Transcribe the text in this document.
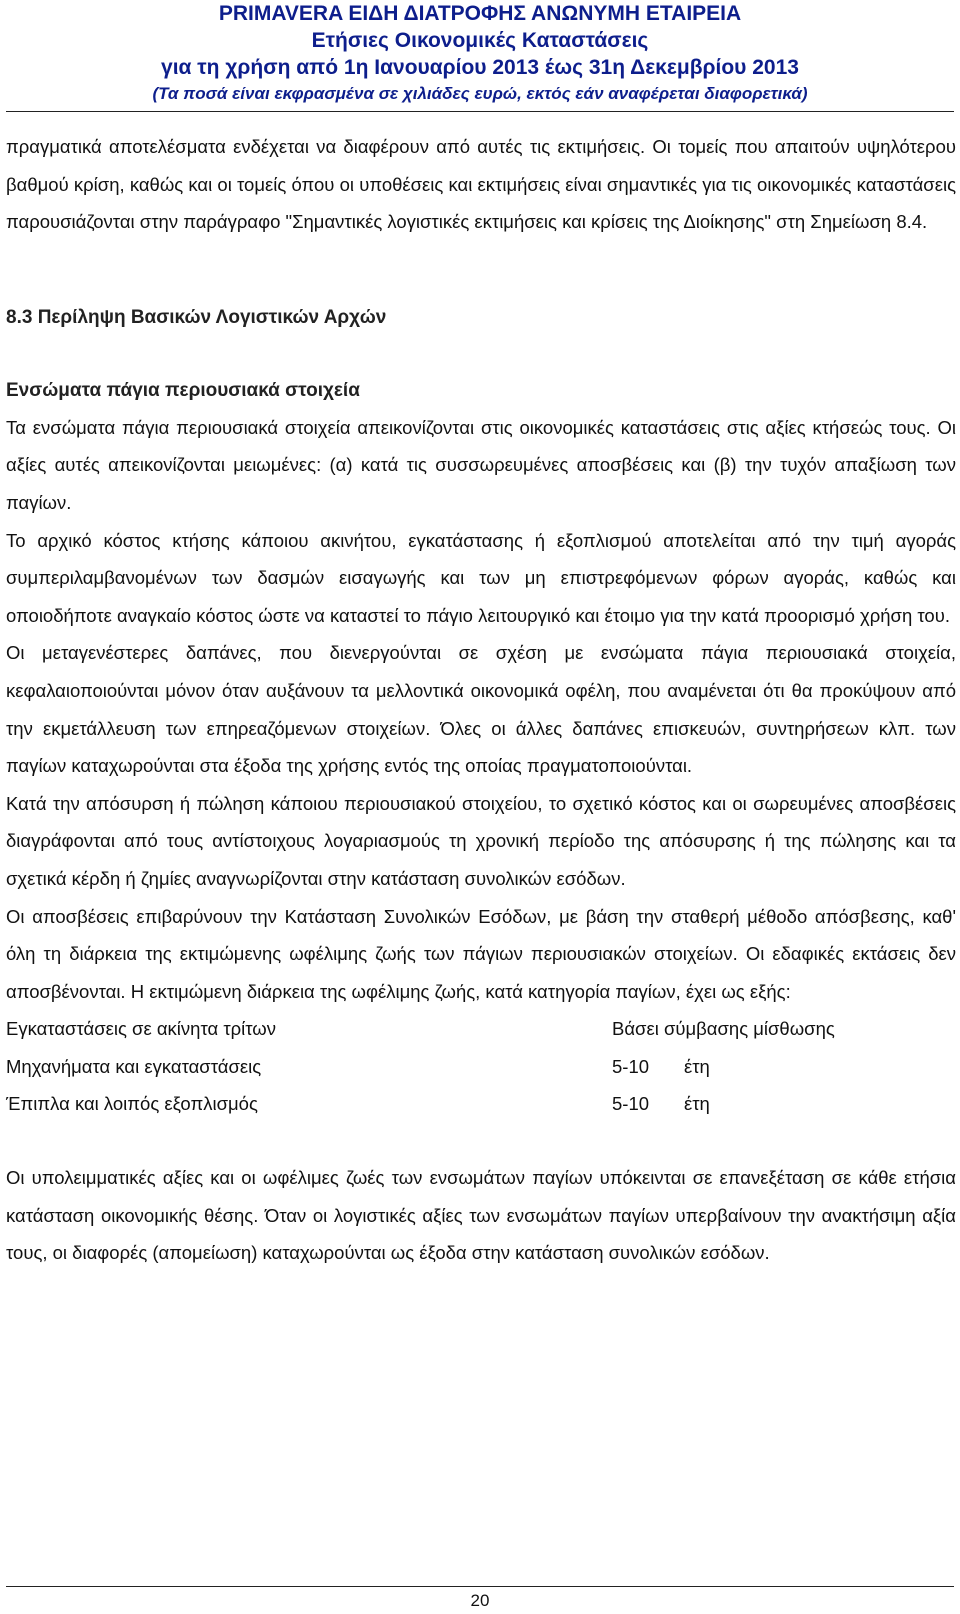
PRIMAVERA ΕΙΔΗ ΔΙΑΤΡΟΦΗΣ ΑΝΩΝΥΜΗ ΕΤΑΙΡΕΙΑ
Ετήσιες Οικονομικές Καταστάσεις
για τη χρήση από 1η Ιανουαρίου 2013 έως 31η Δεκεμβρίου 2013
(Τα ποσά είναι εκφρασμένα σε χιλιάδες ευρώ, εκτός εάν αναφέρεται διαφορετικά)

πραγματικά αποτελέσματα ενδέχεται να διαφέρουν από αυτές τις εκτιμήσεις. Οι τομείς που απαιτούν υψηλότερου βαθμού κρίση, καθώς και οι τομείς όπου οι υποθέσεις και εκτιμήσεις είναι σημαντικές για τις οικονομικές καταστάσεις παρουσιάζονται στην παράγραφο "Σημαντικές λογιστικές εκτιμήσεις και κρίσεις της Διοίκησης" στη Σημείωση 8.4.

8.3 Περίληψη Βασικών Λογιστικών Αρχών

Ενσώματα πάγια περιουσιακά στοιχεία

Τα ενσώματα πάγια περιουσιακά στοιχεία απεικονίζονται στις οικονομικές καταστάσεις στις αξίες κτήσεώς τους. Οι αξίες αυτές απεικονίζονται μειωμένες: (α) κατά τις συσσωρευμένες αποσβέσεις και (β) την τυχόν απαξίωση των παγίων.

Το αρχικό κόστος κτήσης κάποιου ακινήτου, εγκατάστασης ή εξοπλισμού αποτελείται από την τιμή αγοράς συμπεριλαμβανομένων των δασμών εισαγωγής και των μη επιστρεφόμενων φόρων αγοράς, καθώς και οποιοδήποτε αναγκαίο κόστος ώστε να καταστεί το πάγιο λειτουργικό και έτοιμο για την κατά προορισμό χρήση του.

Οι μεταγενέστερες δαπάνες, που διενεργούνται σε σχέση με ενσώματα πάγια περιουσιακά στοιχεία, κεφαλαιοποιούνται μόνον όταν αυξάνουν τα μελλοντικά οικονομικά οφέλη, που αναμένεται ότι θα προκύψουν από την εκμετάλλευση των επηρεαζόμενων στοιχείων. Όλες οι άλλες δαπάνες επισκευών, συντηρήσεων κλπ. των παγίων καταχωρούνται στα έξοδα της χρήσης εντός της οποίας πραγματοποιούνται.

Κατά την απόσυρση ή πώληση κάποιου περιουσιακού στοιχείου, το σχετικό κόστος και οι σωρευμένες αποσβέσεις διαγράφονται από τους αντίστοιχους λογαριασμούς τη χρονική περίοδο της απόσυρσης ή της πώλησης και τα σχετικά κέρδη ή ζημίες αναγνωρίζονται στην κατάσταση συνολικών εσόδων.

Οι αποσβέσεις επιβαρύνουν την Κατάσταση Συνολικών Εσόδων, με βάση την σταθερή μέθοδο απόσβεσης, καθ' όλη τη διάρκεια της εκτιμώμενης ωφέλιμης ζωής των πάγιων περιουσιακών στοιχείων. Οι εδαφικές εκτάσεις δεν αποσβένονται. Η εκτιμώμενη διάρκεια της ωφέλιμης ζωής, κατά κατηγορία παγίων, έχει ως εξής:

Εγκαταστάσεις σε ακίνητα τρίτων	Βάσει σύμβασης μίσθωσης
Μηχανήματα και εγκαταστάσεις	5-10	έτη
Έπιπλα και λοιπός εξοπλισμός	5-10	έτη

Οι υπολειμματικές αξίες και οι ωφέλιμες ζωές των ενσωμάτων παγίων υπόκεινται σε επανεξέταση σε κάθε ετήσια κατάσταση οικονομικής θέσης. Όταν οι λογιστικές αξίες των ενσωμάτων παγίων υπερβαίνουν την ανακτήσιμη αξία τους, οι διαφορές (απομείωση) καταχωρούνται ως έξοδα στην κατάσταση συνολικών εσόδων.

20
